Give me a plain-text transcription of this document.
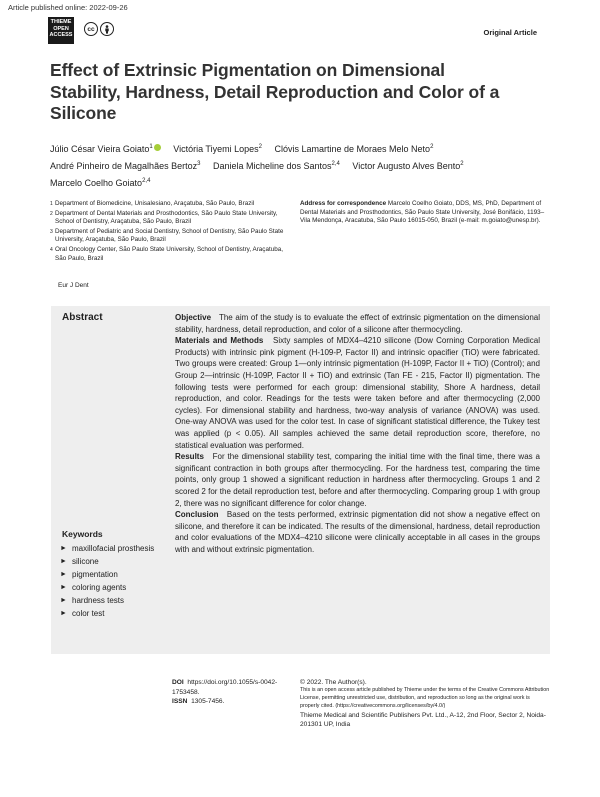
Article published online: 2022-09-26
THIEME
OPEN
ACCESS
cc	Original Article
Effect of Extrinsic Pigmentation on Dimensional Stability, Hardness, Detail Reproduction and Color of a Silicone
Júlio César Vieira Goiato$^1$ Victória Tiyemi Lopes$^2$ Clóvis Lamartine de Moraes Melo Neto$^2$
André Pinheiro de Magalhães Bertoz$^3$ Daniela Micheline dos Santos$^{2,4}$ Victor Augusto Alves Bento$^2$
Marcelo Coelho Goiato$^{2,4}$
1 Department of Biomedicine, Unisalesiano, Araçatuba, São Paulo, Brazil
2 Department of Dental Materials and Prosthodontics, São Paulo State University, School of Dentistry, Araçatuba, São Paulo, Brazil
3 Department of Pediatric and Social Dentistry, School of Dentistry, São Paulo State University, Araçatuba, São Paulo, Brazil
4 Oral Oncology Center, São Paulo State University, School of Dentistry, Araçatuba, São Paulo, Brazil
Address for correspondence Marcelo Coelho Goiato, DDS, MS, PhD, Department of Dental Materials and Prosthodontics, São Paulo State University, José Bonifácio, 1193–Vila Mendonça, Aracatuba, São Paulo 16015-050, Brazil (e-mail: m.goiato@unesp.br).
Eur J Dent
Abstract	Objective The aim of the study is to evaluate the effect of extrinsic pigmentation on the dimensional stability, hardness, detail reproduction, and color of a silicone after thermocycling.

Materials and Methods Sixty samples of MDX4–4210 silicone (Dow Corning Corporation Medical Products) with intrinsic pink pigment (H-109-P, Factor II) and intrinsic opacifier (TiO) were fabricated. Two groups were created: Group 1—only intrinsic pigmentation (H-109P, Factor II + TiO) (Control); and Group 2—intrinsic (H-109P, Factor II + TiO) and extrinsic (Tan FE - 215, Factor II) pigmentation. The following tests were performed for each group: dimensional stability, Shore A hardness, detail reproduction, and color. Readings for the tests were taken before and after thermocycling (2,000 cycles). For dimensional stability and hardness, two-way analysis of variance (ANOVA) was used. One-way ANOVA was used for the color test. In case of significant statistical difference, the Tukey test was applied (p < 0.05). All samples achieved the same detail reproduction score, therefore, no statistical evaluation was performed.

Results For the dimensional stability test, comparing the initial time with the final time, there was a significant contraction in both groups after thermocycling. For the hardness test, comparing the time points, only group 1 showed a significant reduction in hardness after thermocycling. Groups 1 and 2 scored 2 for the detail reproduction test, before and after thermocycling. Comparing group 1 with group 2, there was no significant difference for color change.

Conclusion Based on the tests performed, extrinsic pigmentation did not show a negative effect on silicone, and therefore it can be indicated. The results of the dimensional, hardness, detail reproduction and color evaluations of the MDX4–4210 silicone were clinically acceptable in all cases in the groups with and without extrinsic pigmentation.

Keywords
► maxillofacial prosthesis
► silicone
► pigmentation
► coloring agents
► hardness tests
► color test
DOI https://doi.org/10.1055/s-0042-1753458.
ISSN 1305-7456.
© 2022. The Author(s).
This is an open access article published by Thieme under the terms of the Creative Commons Attribution License, permitting unrestricted use, distribution, and reproduction so long as the original work is properly cited. (https://creativecommons.org/licenses/by/4.0/)
Thieme Medical and Scientific Publishers Pvt. Ltd., A-12, 2nd Floor, Sector 2, Noida-201301 UP, India
